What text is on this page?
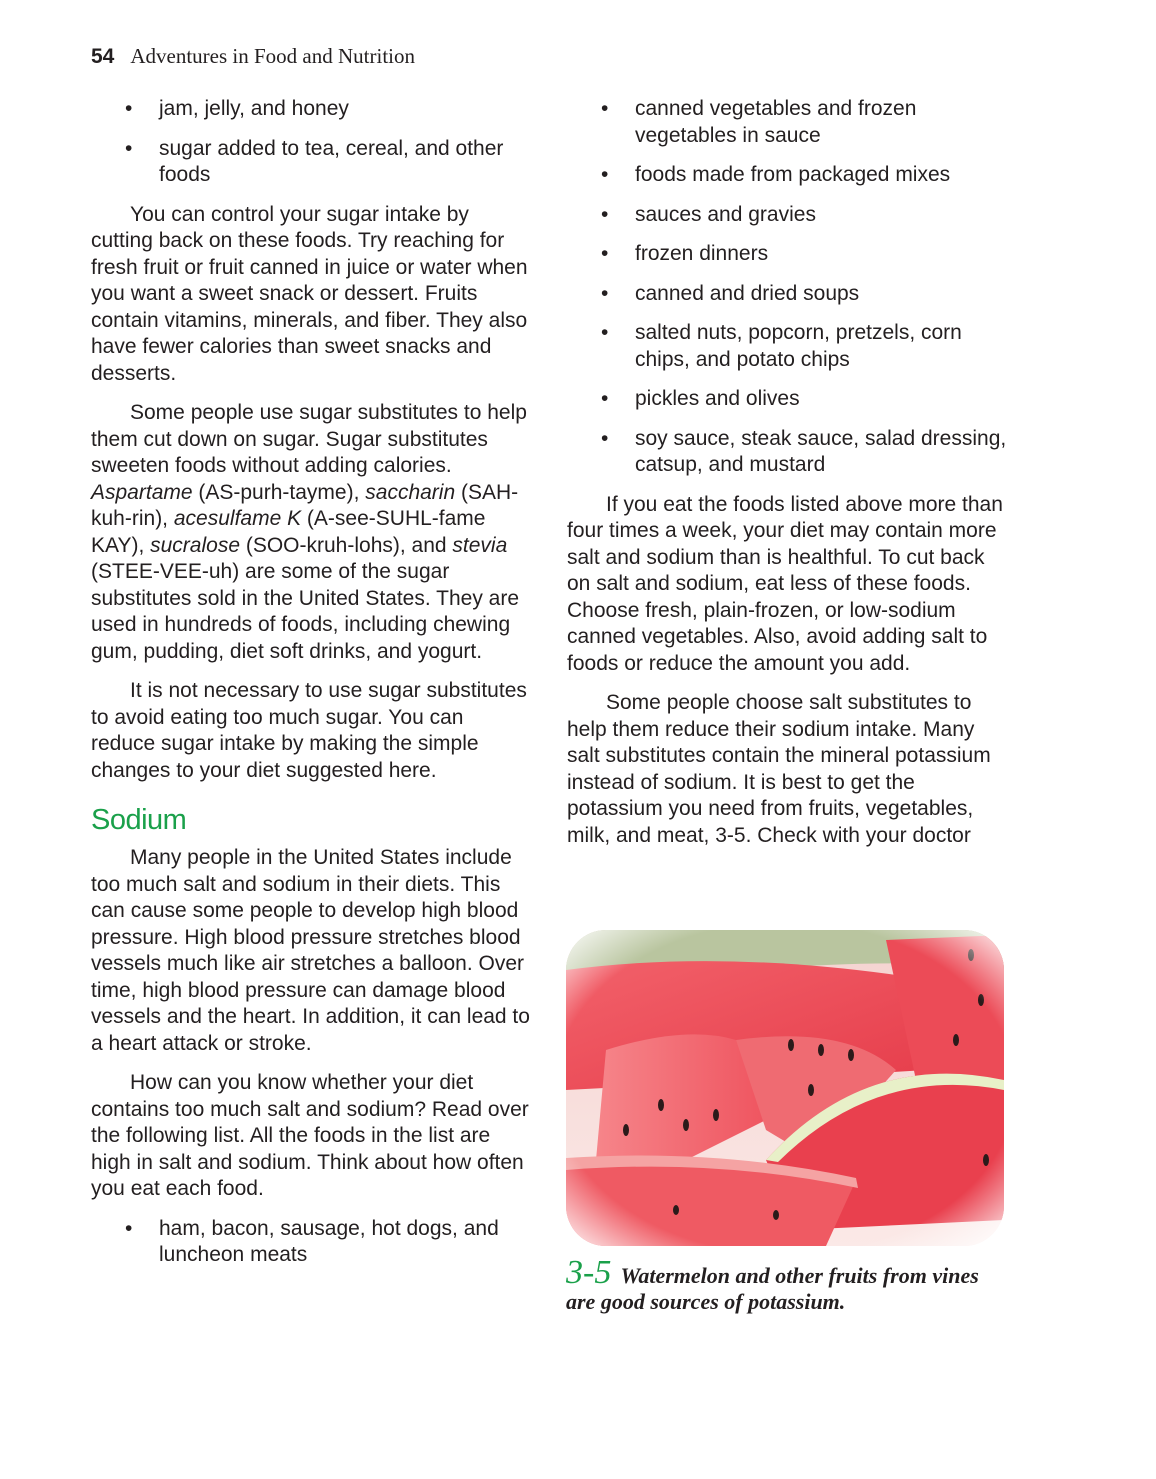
54 Adventures in Food and Nutrition
• jam, jelly, and honey
• sugar added to tea, cereal, and other foods

You can control your sugar intake by cutting back on these foods. Try reaching for fresh fruit or fruit canned in juice or water when you want a sweet snack or dessert. Fruits contain vitamins, minerals, and fiber. They also have fewer calories than sweet snacks and desserts.

Some people use sugar substitutes to help them cut down on sugar. Sugar substitutes sweeten foods without adding calories. Aspartame (AS-purh-tayme), saccharin (SAH-kuh-rin), acesulfame K (A-see-SUHL-fame KAY), sucralose (SOO-kruh-lohs), and stevia (STEE-VEE-uh) are some of the sugar substitutes sold in the United States. They are used in hundreds of foods, including chewing gum, pudding, diet soft drinks, and yogurt.

It is not necessary to use sugar substitutes to avoid eating too much sugar. You can reduce sugar intake by making the simple changes to your diet suggested here.

Sodium

Many people in the United States include too much salt and sodium in their diets. This can cause some people to develop high blood pressure. High blood pressure stretches blood vessels much like air stretches a balloon. Over time, high blood pressure can damage blood vessels and the heart. In addition, it can lead to a heart attack or stroke.

How can you know whether your diet contains too much salt and sodium? Read over the following list. All the foods in the list are high in salt and sodium. Think about how often you eat each food.

• ham, bacon, sausage, hot dogs, and luncheon meats
• canned vegetables and frozen vegetables in sauce
• foods made from packaged mixes
• sauces and gravies
• frozen dinners
• canned and dried soups
• salted nuts, popcorn, pretzels, corn chips, and potato chips
• pickles and olives
• soy sauce, steak sauce, salad dressing, catsup, and mustard

If you eat the foods listed above more than four times a week, your diet may contain more salt and sodium than is healthful. To cut back on salt and sodium, eat less of these foods. Choose fresh, plain-frozen, or low-sodium canned vegetables. Also, avoid adding salt to foods or reduce the amount you add.

Some people choose salt substitutes to help them reduce their sodium intake. Many salt substitutes contain the mineral potassium instead of sodium. It is best to get the potassium you need from fruits, vegetables, milk, and meat, 3-5. Check with your doctor

3-5 Watermelon and other fruits from vines are good sources of potassium.
